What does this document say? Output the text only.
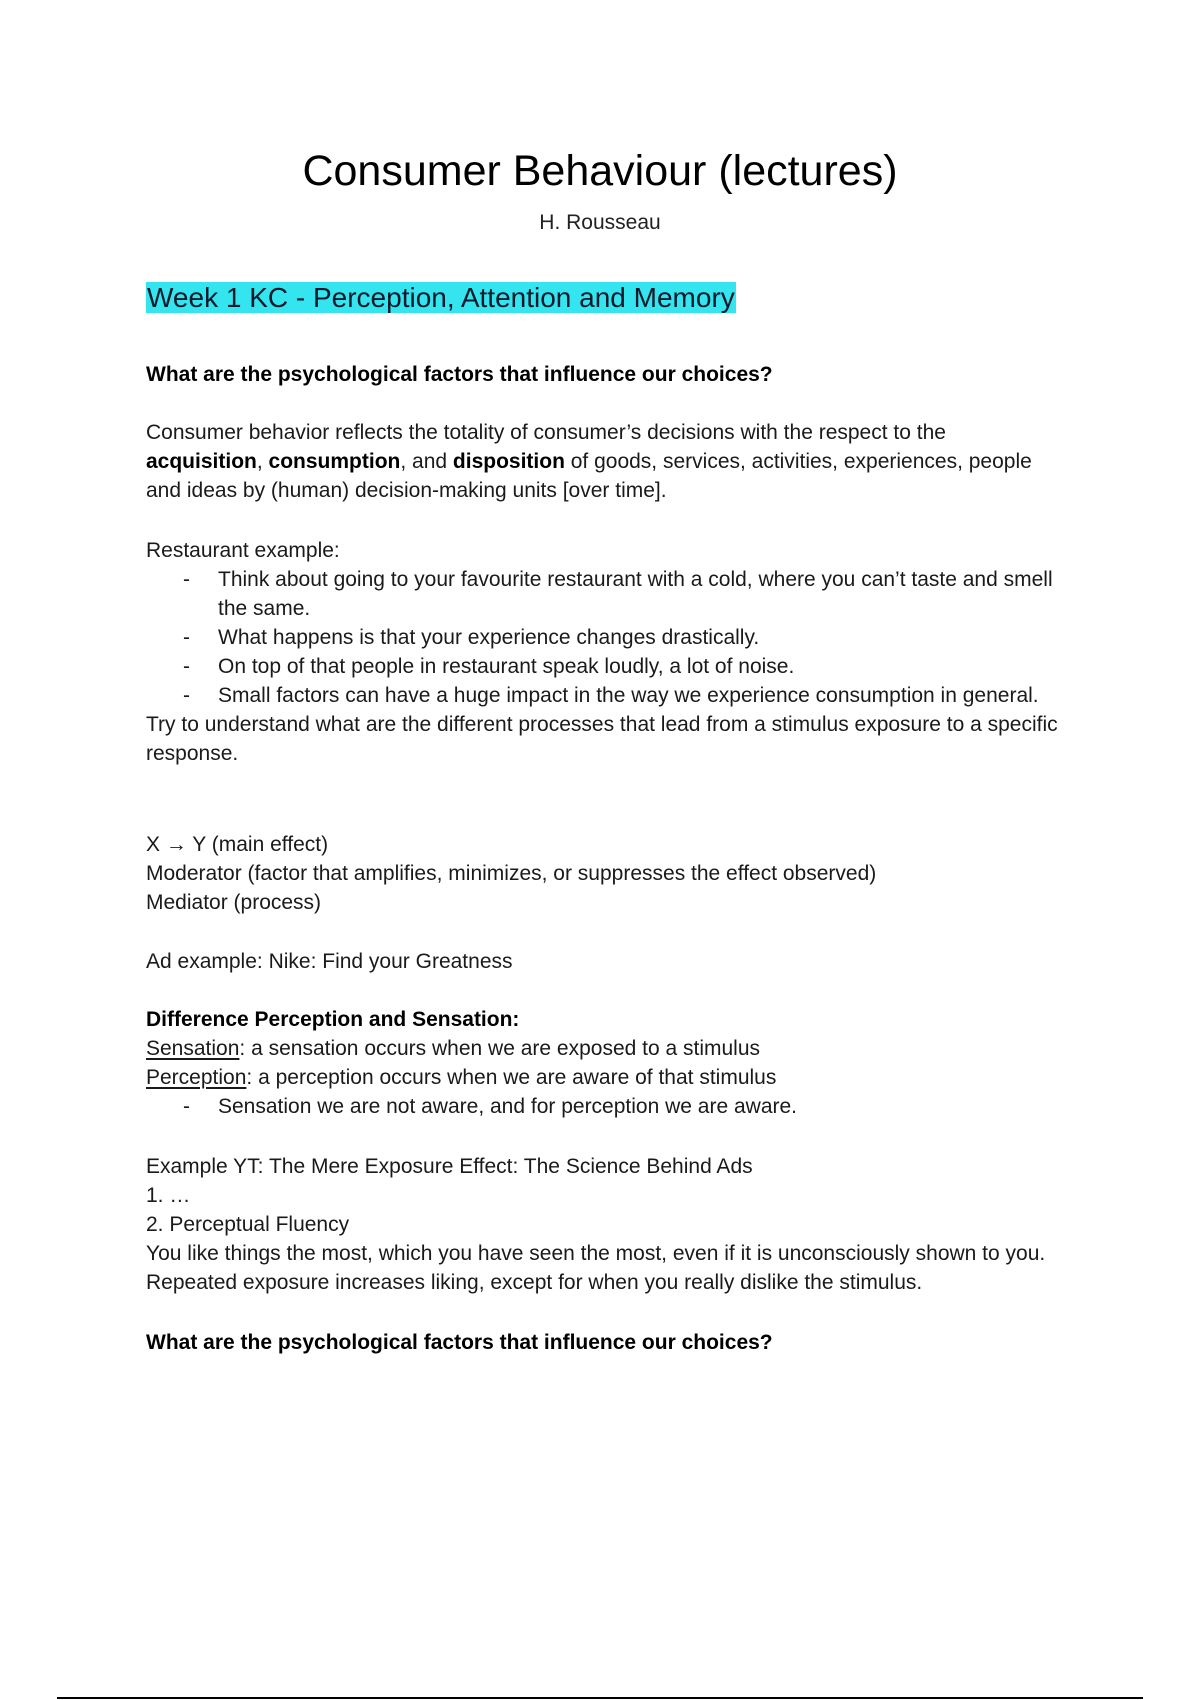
Consumer Behaviour (lectures)
H. Rousseau
Week 1 KC - Perception, Attention and Memory

What are the psychological factors that influence our choices?

Consumer behavior reflects the totality of consumer’s decisions with the respect to the acquisition, consumption, and disposition of goods, services, activities, experiences, people and ideas by (human) decision-making units [over time].

Restaurant example:

- Think about going to your favourite restaurant with a cold, where you can’t taste and smell the same.
- What happens is that your experience changes drastically.
- On top of that people in restaurant speak loudly, a lot of noise.
- Small factors can have a huge impact in the way we experience consumption in general.

Try to understand what are the different processes that lead from a stimulus exposure to a specific response.

X → Y (main effect)

Moderator (factor that amplifies, minimizes, or suppresses the effect observed)

Mediator (process)

Ad example: Nike: Find your Greatness

Difference Perception and Sensation:

Sensation: a sensation occurs when we are exposed to a stimulus

Perception: a perception occurs when we are aware of that stimulus

- Sensation we are not aware, and for perception we are aware.

Example YT: The Mere Exposure Effect: The Science Behind Ads

1. …

2. Perceptual Fluency

You like things the most, which you have seen the most, even if it is unconsciously shown to you. Repeated exposure increases liking, except for when you really dislike the stimulus.

What are the psychological factors that influence our choices?
